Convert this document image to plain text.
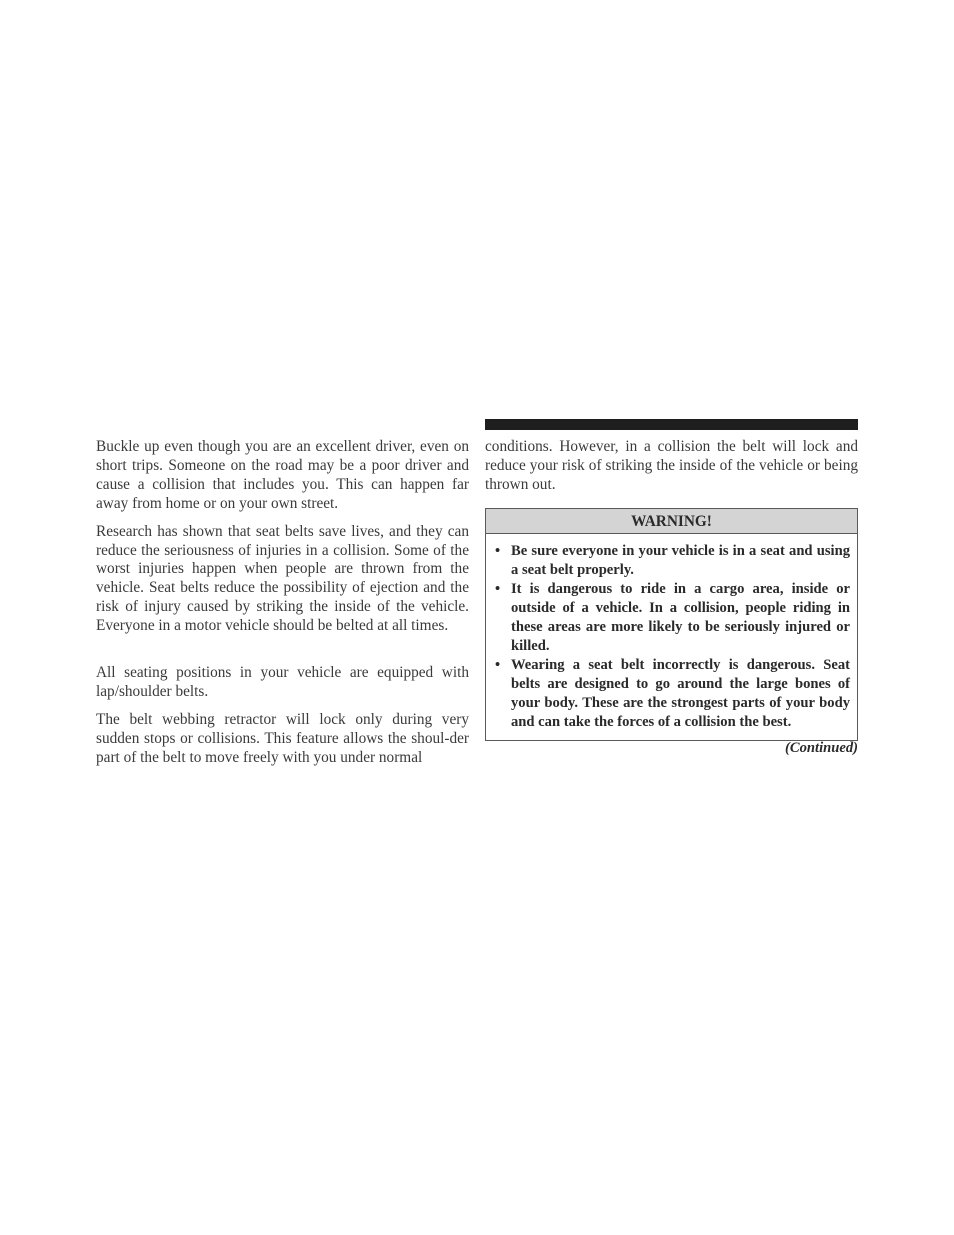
Buckle up even though you are an excellent driver, even on short trips. Someone on the road may be a poor driver and cause a collision that includes you. This can happen far away from home or on your own street.

Research has shown that seat belts save lives, and they can reduce the seriousness of injuries in a collision. Some of the worst injuries happen when people are thrown from the vehicle. Seat belts reduce the possibility of ejection and the risk of injury caused by striking the inside of the vehicle. Everyone in a motor vehicle should be belted at all times.

All seating positions in your vehicle are equipped with lap/shoulder belts.

The belt webbing retractor will lock only during very sudden stops or collisions. This feature allows the shoul-der part of the belt to move freely with you under normal

conditions. However, in a collision the belt will lock and reduce your risk of striking the inside of the vehicle or being thrown out.

WARNING!
• Be sure everyone in your vehicle is in a seat and using a seat belt properly.
• It is dangerous to ride in a cargo area, inside or outside of a vehicle. In a collision, people riding in these areas are more likely to be seriously injured or killed.
• Wearing a seat belt incorrectly is dangerous. Seat belts are designed to go around the large bones of your body. These are the strongest parts of your body and can take the forces of a collision the best.
(Continued)
